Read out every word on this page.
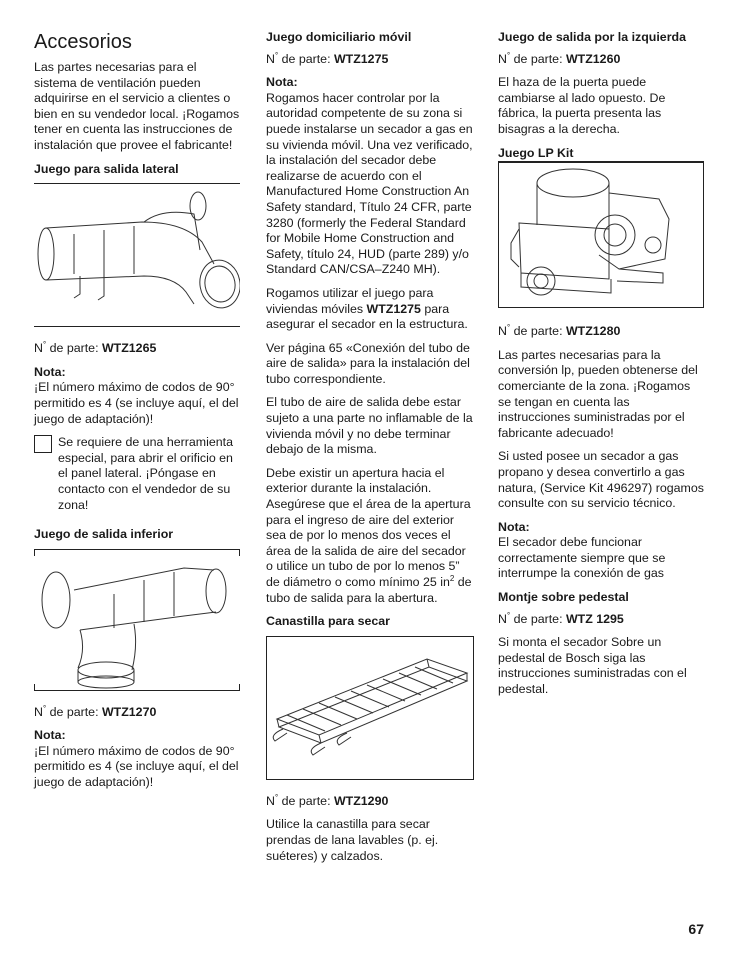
Accesorios

Las partes necesarias para el sistema de ventilación pueden adquirirse en el servicio a clientes o bien en su vendedor local. ¡Rogamos tener en cuenta las instrucciones de instalación que provee el fabricante!

Juego para salida lateral
N° de parte: WTZ1265
Nota:

¡El número máximo de codos de 90° permitido es 4 (se incluye aquí, el del juego de adaptación)!

Se requiere de una herramienta especial, para abrir el orificio en el panel lateral. ¡Póngase en contacto con el vendedor de su zona!
Juego de salida inferior
N° de parte: WTZ1270
Nota:

¡El número máximo de codos de 90° permitido es 4 (se incluye aquí, el del juego de adaptación)!

Juego domiciliario móvil
N° de parte: WTZ1275
Nota:

Rogamos hacer controlar por la autoridad competente de su zona si puede instalarse un secador a gas en su vivienda móvil. Una vez verificado, la instalación del secador debe realizarse de acuerdo con el Manufactured Home Construction An Safety standard, Título 24 CFR, parte 3280 (formerly the Federal Standard for Mobile Home Construction and Safety, título 24, HUD (parte 289) y/o Standard CAN/CSA–Z240 MH).

Rogamos utilizar el juego para viviendas móviles WTZ1275 para asegurar el secador en la estructura.

Ver página 65 «Conexión del tubo de aire de salida» para la instalación del tubo correspondiente.

El tubo de aire de salida debe estar sujeto a una parte no inflamable de la vivienda móvil y no debe terminar debajo de la misma.

Debe existir un apertura hacia el exterior durante la instalación. Asegúrese que el área de la apertura para el ingreso de aire del exterior sea de por lo menos dos veces el área de la salida de aire del secador o utilice un tubo de por lo menos 5” de diámetro o como mínimo 25 $in^2$ de tubo de salida para la abertura.

Canastilla para secar
N° de parte: WTZ1290

Utilice la canastilla para secar prendas de lana lavables (p. ej. suéteres) y calzados.

Juego de salida por la izquierda
N° de parte: WTZ1260

El haza de la puerta puede cambiarse al lado opuesto. De fábrica, la puerta presenta las bisagras a la derecha.

Juego LP Kit
N° de parte: WTZ1280

Las partes necesarias para la conversión lp, pueden obtenerse del comerciante de la zona. ¡Rogamos se tengan en cuenta las instrucciones suministradas por el fabricante adecuado!

Si usted posee un secador a gas propano y desea convertirlo a gas natura, (Service Kit 496297) rogamos consulte con su servicio técnico.

Nota:

El secador debe funcionar correctamente siempre que se interrumpe la conexión de gas

Montje sobre pedestal
N° de parte: WTZ 1295

Si monta el secador Sobre un pedestal de Bosch siga las instrucciones suministradas con el pedestal.

67
